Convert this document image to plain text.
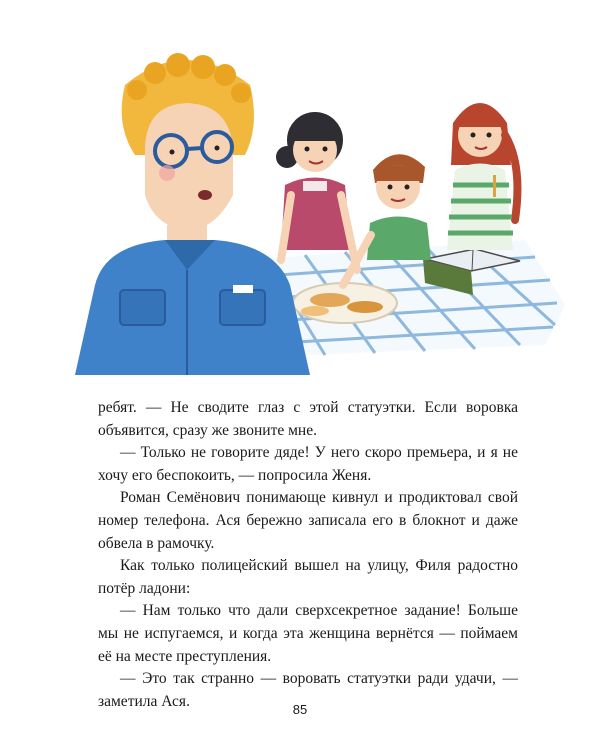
ребят. — Не сводите глаз с этой статуэтки. Если воровка объявится, сразу же звоните мне.

— Только не говорите дяде! У него скоро премьера, и я не хочу его беспокоить, — попросила Женя.

Роман Семёнович понимающе кивнул и продиктовал свой номер телефона. Ася бережно записала его в блокнот и даже обвела в рамочку.

Как только полицейский вышел на улицу, Филя радостно потёр ладони:

— Нам только что дали сверхсекретное задание! Больше мы не испугаемся, и когда эта женщина вернётся — поймаем её на месте преступления.

— Это так странно — воровать статуэтки ради удачи, — заметила Ася.	85
